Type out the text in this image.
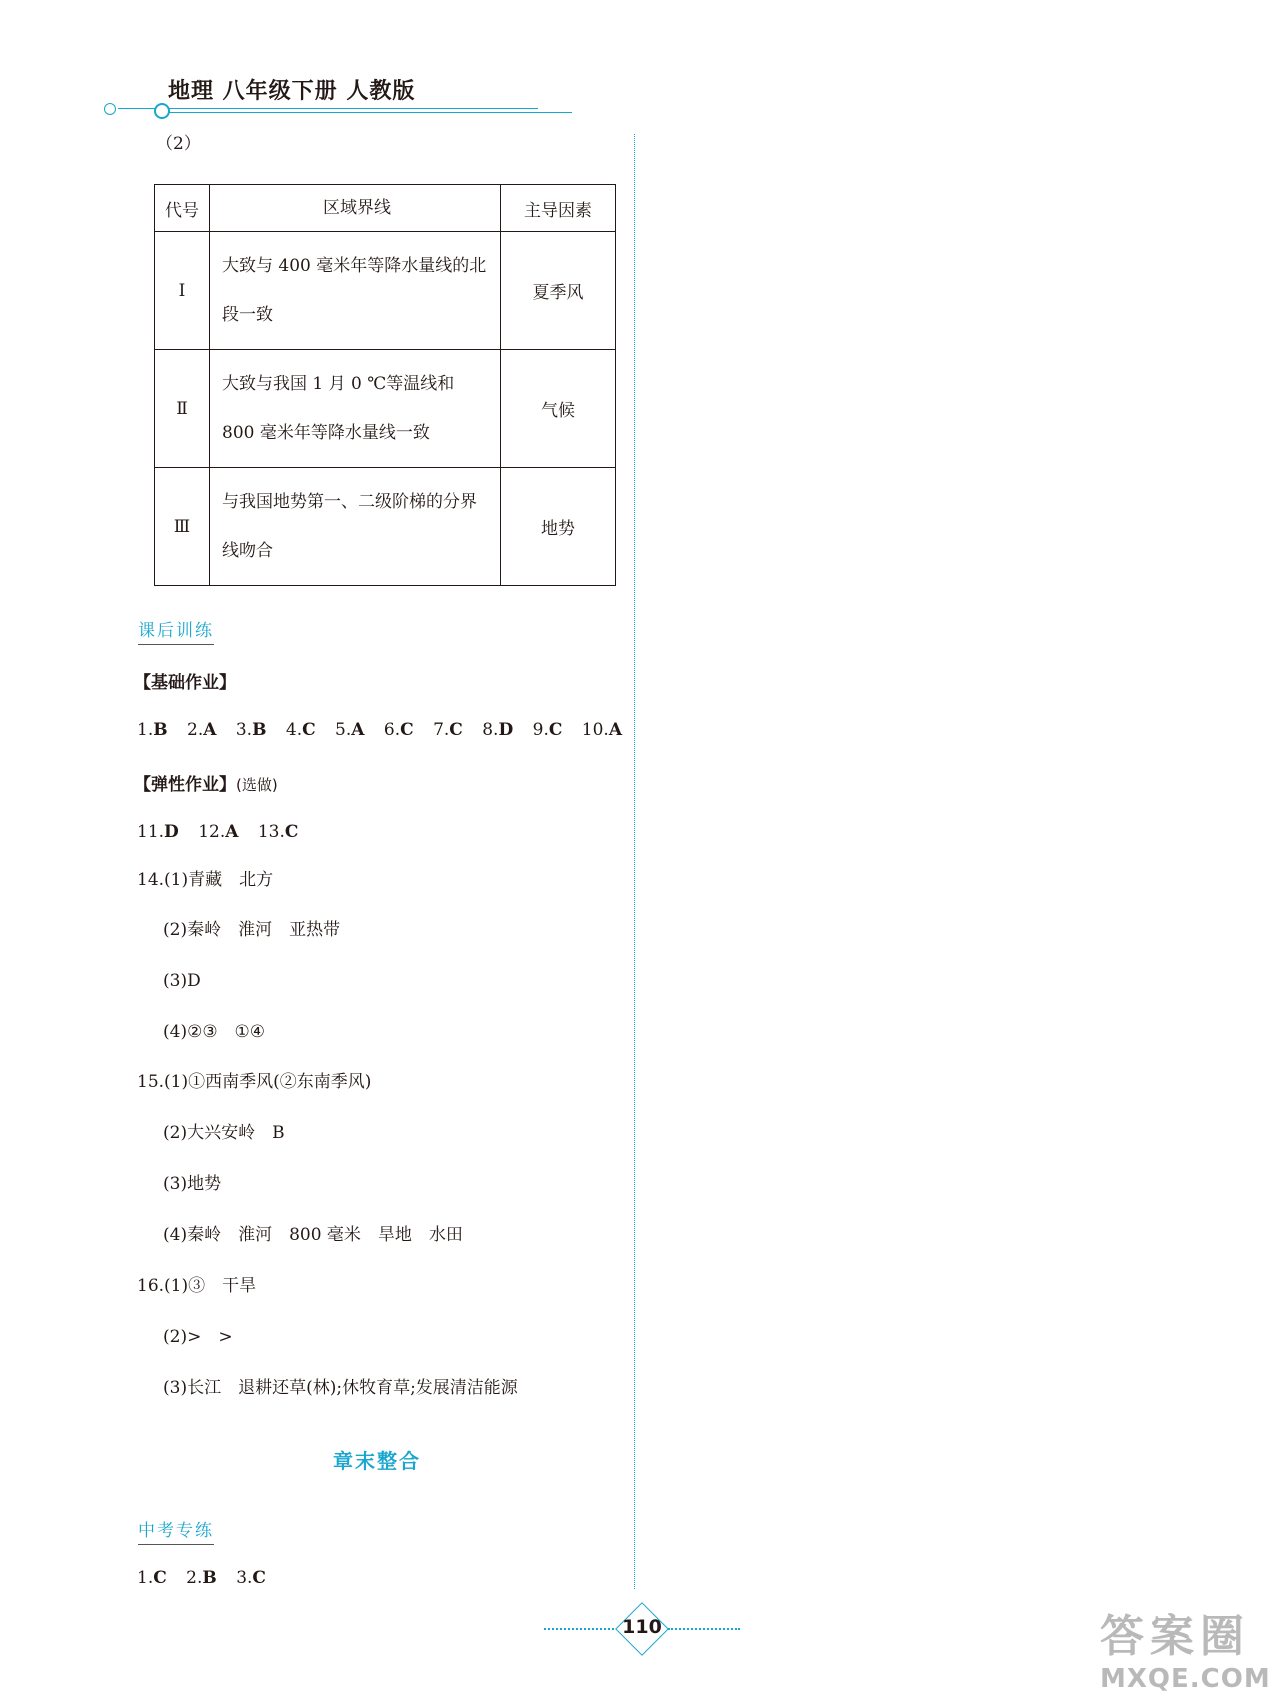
地理 八年级下册 人教版
（2）
代号	区域界线	主导因素
Ⅰ	大致与 400 毫米年等降水量线的北段一致	夏季风
Ⅱ	大致与我国 1 月 0 ℃等温线和 800 毫米年等降水量线一致	气候
Ⅲ	与我国地势第一、二级阶梯的分界线吻合	地势
课后训练
【基础作业】
1.B 2.A 3.B 4.C 5.A 6.C 7.C 8.D 9.C 10.A
【弹性作业】(选做)
11.D 12.A 13.C
14.(1)青藏　北方
(2)秦岭　淮河　亚热带
(3)D
(4)②③　①④
15.(1)①西南季风(②东南季风)
(2)大兴安岭　B
(3)地势
(4)秦岭　淮河　800 毫米　旱地　水田
16.(1)③　干旱
(2)>　>
(3)长江　退耕还草(林);休牧育草;发展清洁能源
章末整合
中考专练
1.C 2.B 3.C
110	答案圈
MXQE.COM
